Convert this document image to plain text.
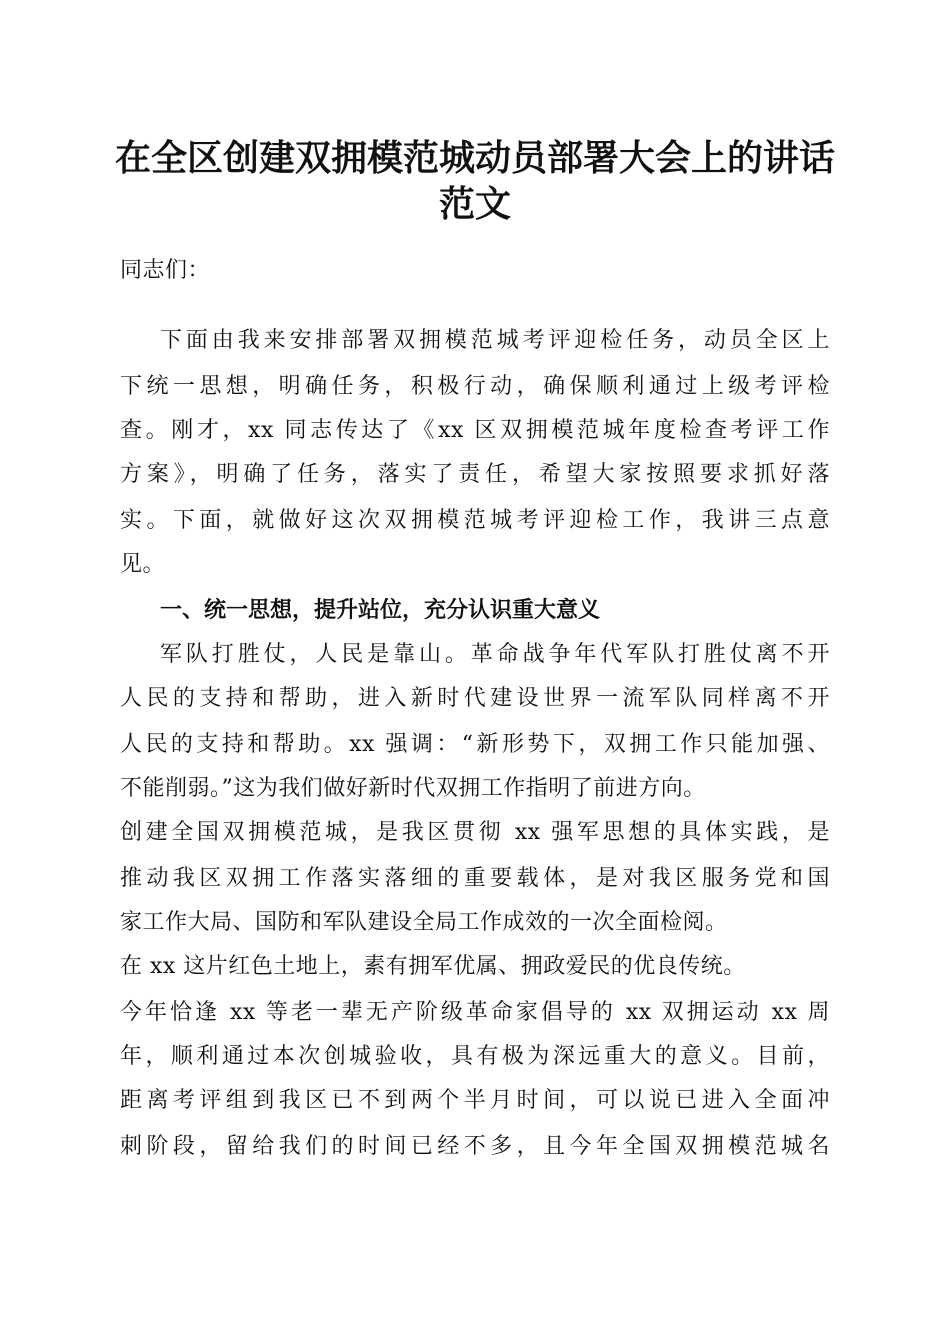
在全区创建双拥模范城动员部署大会上的讲话
范文
同志们：
下面由我来安排部署双拥模范城考评迎检任务，动员全区上
下统一思想，明确任务，积极行动，确保顺利通过上级考评检
查。刚才，xx 同志传达了《xx 区双拥模范城年度检查考评工作
方案》，明确了任务，落实了责任，希望大家按照要求抓好落
实。下面，就做好这次双拥模范城考评迎检工作，我讲三点意
见。
一、统一思想，提升站位，充分认识重大意义
军队打胜仗，人民是靠山。革命战争年代军队打胜仗离不开
人民的支持和帮助，进入新时代建设世界一流军队同样离不开
人民的支持和帮助。xx 强调：“新形势下，双拥工作只能加强、
不能削弱。”这为我们做好新时代双拥工作指明了前进方向。
创建全国双拥模范城，是我区贯彻 xx 强军思想的具体实践，是
推动我区双拥工作落实落细的重要载体，是对我区服务党和国
家工作大局、国防和军队建设全局工作成效的一次全面检阅。
在 xx 这片红色土地上，素有拥军优属、拥政爱民的优良传统。
今年恰逢 xx 等老一辈无产阶级革命家倡导的 xx 双拥运动 xx 周
年，顺利通过本次创城验收，具有极为深远重大的意义。目前，
距离考评组到我区已不到两个半月时间，可以说已进入全面冲
刺阶段，留给我们的时间已经不多，且今年全国双拥模范城名
